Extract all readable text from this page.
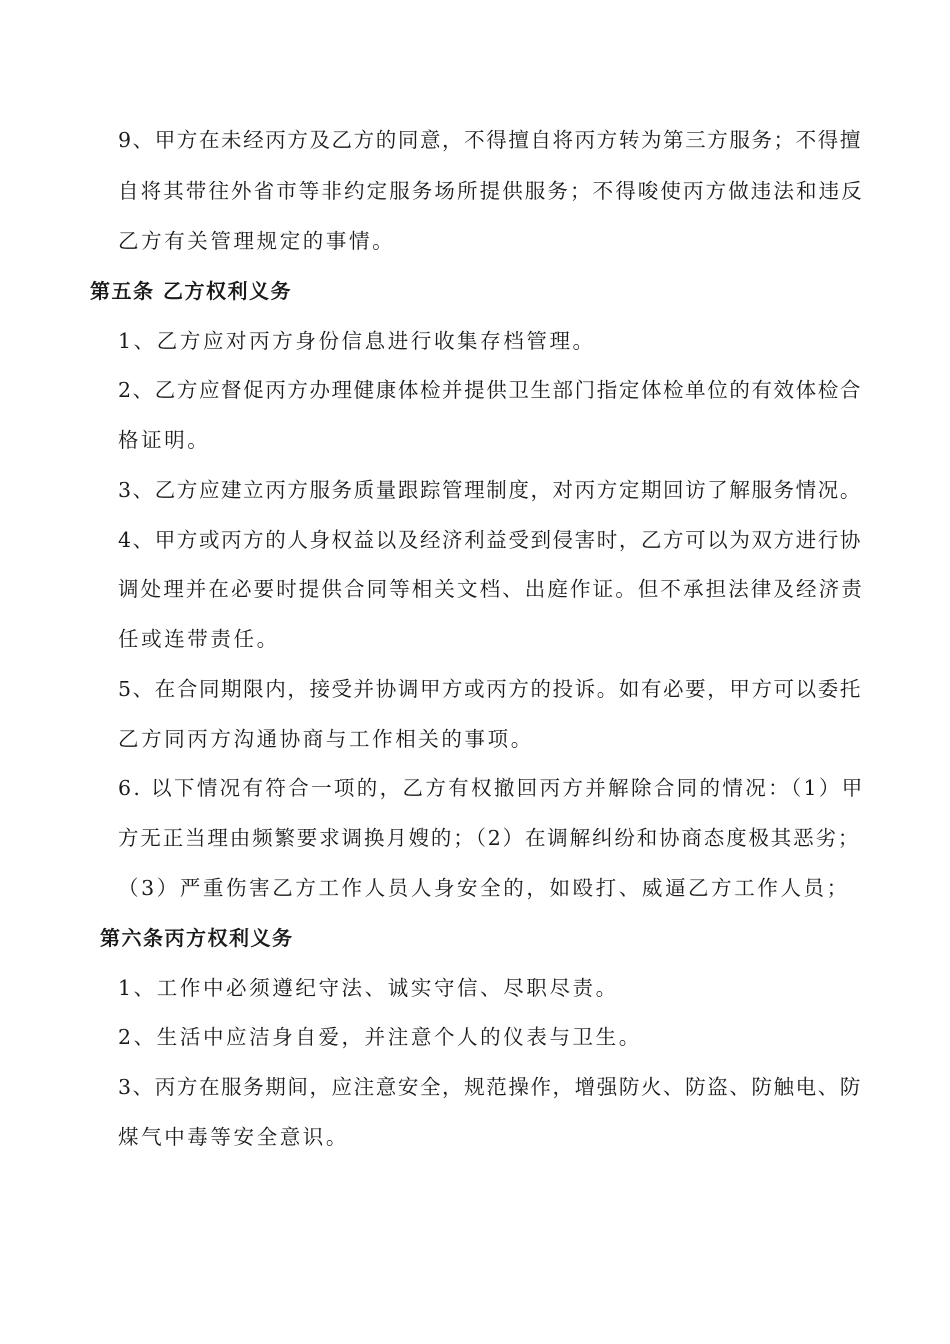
9、甲方在未经丙方及乙方的同意，不得擅自将丙方转为第三方服务；不得擅
自将其带往外省市等非约定服务场所提供服务；不得唆使丙方做违法和违反
乙方有关管理规定的事情。
第五条 乙方权利义务
1、乙方应对丙方身份信息进行收集存档管理。
2、乙方应督促丙方办理健康体检并提供卫生部门指定体检单位的有效体检合
格证明。
3、乙方应建立丙方服务质量跟踪管理制度，对丙方定期回访了解服务情况。
4、甲方或丙方的人身权益以及经济利益受到侵害时，乙方可以为双方进行协
调处理并在必要时提供合同等相关文档、出庭作证。但不承担法律及经济责
任或连带责任。
5、在合同期限内，接受并协调甲方或丙方的投诉。如有必要，甲方可以委托
乙方同丙方沟通协商与工作相关的事项。
6. 以下情况有符合一项的，乙方有权撤回丙方并解除合同的情况：（1）甲
方无正当理由频繁要求调换月嫂的；（2）在调解纠纷和协商态度极其恶劣；
（3）严重伤害乙方工作人员人身安全的，如殴打、威逼乙方工作人员；
第六条丙方权利义务
1、工作中必须遵纪守法、诚实守信、尽职尽责。
2、生活中应洁身自爱，并注意个人的仪表与卫生。
3、丙方在服务期间，应注意安全，规范操作，增强防火、防盗、防触电、防
煤气中毒等安全意识。
